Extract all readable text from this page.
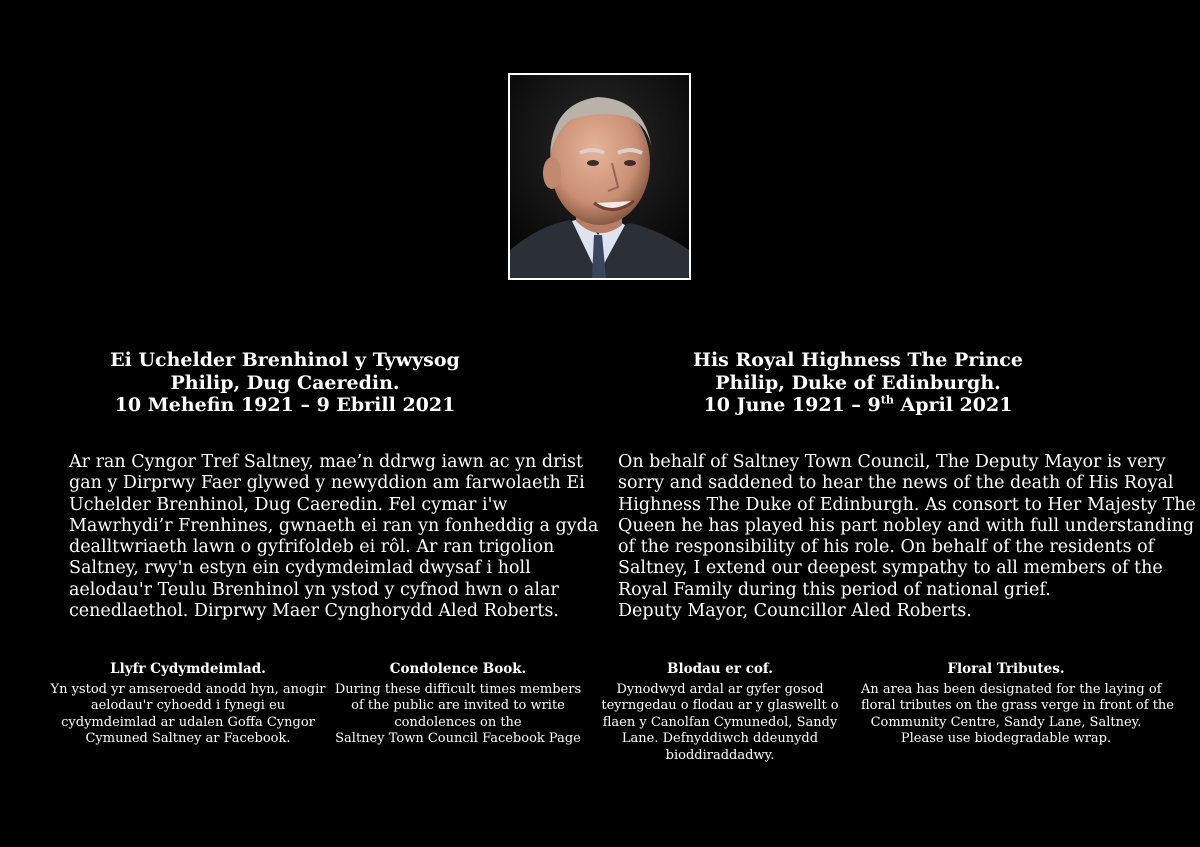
Ei Uchelder Brenhinol y Tywysog
Philip, Dug Caeredin.
10 Mehefin 1921 – 9 Ebrill 2021
His Royal Highness The Prince
Philip, Duke of Edinburgh.
10 June 1921 – 9th April 2021
Ar ran Cyngor Tref Saltney, mae’n ddrwg iawn ac yn drist
gan y Dirprwy Faer glywed y newyddion am farwolaeth Ei
Uchelder Brenhinol, Dug Caeredin. Fel cymar i'w
Mawrhydi’r Frenhines, gwnaeth ei ran yn fonheddig a gyda
dealltwriaeth lawn o gyfrifoldeb ei rôl. Ar ran trigolion
Saltney, rwy'n estyn ein cydymdeimlad dwysaf i holl
aelodau'r Teulu Brenhinol yn ystod y cyfnod hwn o alar
cenedlaethol. Dirprwy Maer Cynghorydd Aled Roberts.
On behalf of Saltney Town Council, The Deputy Mayor is very
sorry and saddened to hear the news of the death of His Royal
Highness The Duke of Edinburgh. As consort to Her Majesty The
Queen he has played his part nobley and with full understanding
of the responsibility of his role. On behalf of the residents of
Saltney, I extend our deepest sympathy to all members of the
Royal Family during this period of national grief.
Deputy Mayor, Councillor Aled Roberts.
Llyfr Cydymdeimlad.
Yn ystod yr amseroedd anodd hyn, anogir
aelodau'r cyhoedd i fynegi eu
cydymdeimlad ar udalen Goffa Cyngor
Cymuned Saltney ar Facebook.
Condolence Book.
During these difficult times members
of the public are invited to write
condolences on the
Saltney Town Council Facebook Page
Blodau er cof.
Dynodwyd ardal ar gyfer gosod
teyrngedau o flodau ar y glaswellt o
flaen y Canolfan Cymunedol, Sandy
Lane. Defnyddiwch ddeunydd
bioddiraddadwy.
Floral Tributes.
An area has been designated for the laying of
floral tributes on the grass verge in front of the
Community Centre, Sandy Lane, Saltney.
Please use biodegradable wrap.
